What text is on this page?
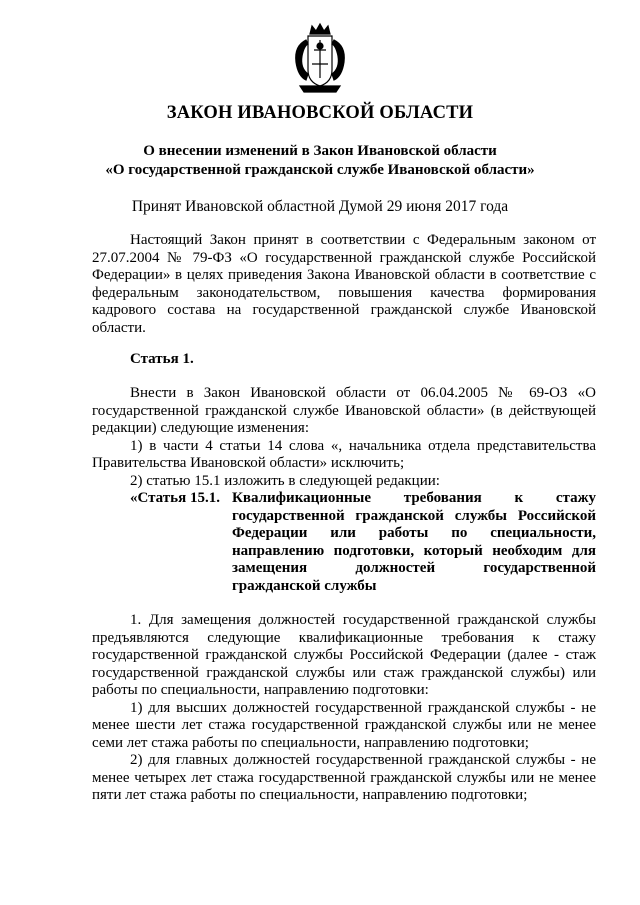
ЗАКОН ИВАНОВСКОЙ ОБЛАСТИ
О внесении изменений в Закон Ивановской области
«О государственной гражданской службе Ивановской области»
Принят Ивановской областной Думой 29 июня 2017 года

Настоящий Закон принят в соответствии с Федеральным законом от 27.07.2004 № 79-ФЗ «О государственной гражданской службе Российской Федерации» в целях приведения Закона Ивановской области в соответствие с федеральным законодательством, повышения качества формирования кадрового состава на государственной гражданской службе Ивановской области.

Статья 1.

Внести в Закон Ивановской области от 06.04.2005 № 69-ОЗ «О государственной гражданской службе Ивановской области» (в действующей редакции) следующие изменения:

1) в части 4 статьи 14 слова «, начальника отдела представительства Правительства Ивановской области» исключить;

2) статью 15.1 изложить в следующей редакции:

«Статья 15.1. Квалификационные требования к стажу государственной гражданской службы Российской Федерации или работы по специальности, направлению подготовки, который необходим для замещения должностей государственной гражданской службы

1. Для замещения должностей государственной гражданской службы предъявляются следующие квалификационные требования к стажу государственной гражданской службы Российской Федерации (далее - стаж государственной гражданской службы или стаж гражданской службы) или работы по специальности, направлению подготовки:

1) для высших должностей государственной гражданской службы - не менее шести лет стажа государственной гражданской службы или не менее семи лет стажа работы по специальности, направлению подготовки;

2) для главных должностей государственной гражданской службы - не менее четырех лет стажа государственной гражданской службы или не менее пяти лет стажа работы по специальности, направлению подготовки;
